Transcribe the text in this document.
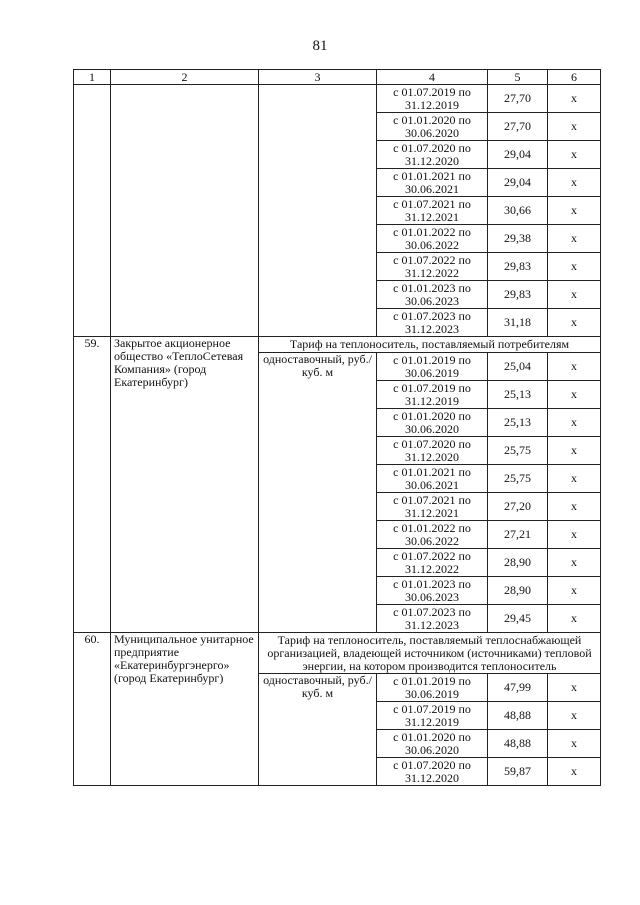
81
1	2	3	4	5	6
			с 01.07.2019 по 31.12.2019	27,70	x
			с 01.01.2020 по 30.06.2020	27,70	x
			с 01.07.2020 по 31.12.2020	29,04	x
			с 01.01.2021 по 30.06.2021	29,04	x
			с 01.07.2021 по 31.12.2021	30,66	x
			с 01.01.2022 по 30.06.2022	29,38	x
			с 01.07.2022 по 31.12.2022	29,83	x
			с 01.01.2023 по 30.06.2023	29,83	x
			с 01.07.2023 по 31.12.2023	31,18	x
59.	Закрытое акционерное общество «ТеплоСетевая Компания» (город Екатеринбург)	Тариф на теплоноситель, поставляемый потребителям			
		одноставочный, руб./куб. м	с 01.01.2019 по 30.06.2019	25,04	x
			с 01.07.2019 по 31.12.2019	25,13	x
			с 01.01.2020 по 30.06.2020	25,13	x
			с 01.07.2020 по 31.12.2020	25,75	x
			с 01.01.2021 по 30.06.2021	25,75	x
			с 01.07.2021 по 31.12.2021	27,20	x
			с 01.01.2022 по 30.06.2022	27,21	x
			с 01.07.2022 по 31.12.2022	28,90	x
			с 01.01.2023 по 30.06.2023	28,90	x
			с 01.07.2023 по 31.12.2023	29,45	x
60.	Муниципальное унитарное предприятие «Екатеринбургэнерго» (город Екатеринбург)	Тариф на теплоноситель, поставляемый теплоснабжающей организацией, владеющей источником (источниками) тепловой энергии, на котором производится теплоноситель			
		одноставочный, руб./куб. м	с 01.01.2019 по 30.06.2019	47,99	x
			с 01.07.2019 по 31.12.2019	48,88	x
			с 01.01.2020 по 30.06.2020	48,88	x
			с 01.07.2020 по 31.12.2020	59,87	x
